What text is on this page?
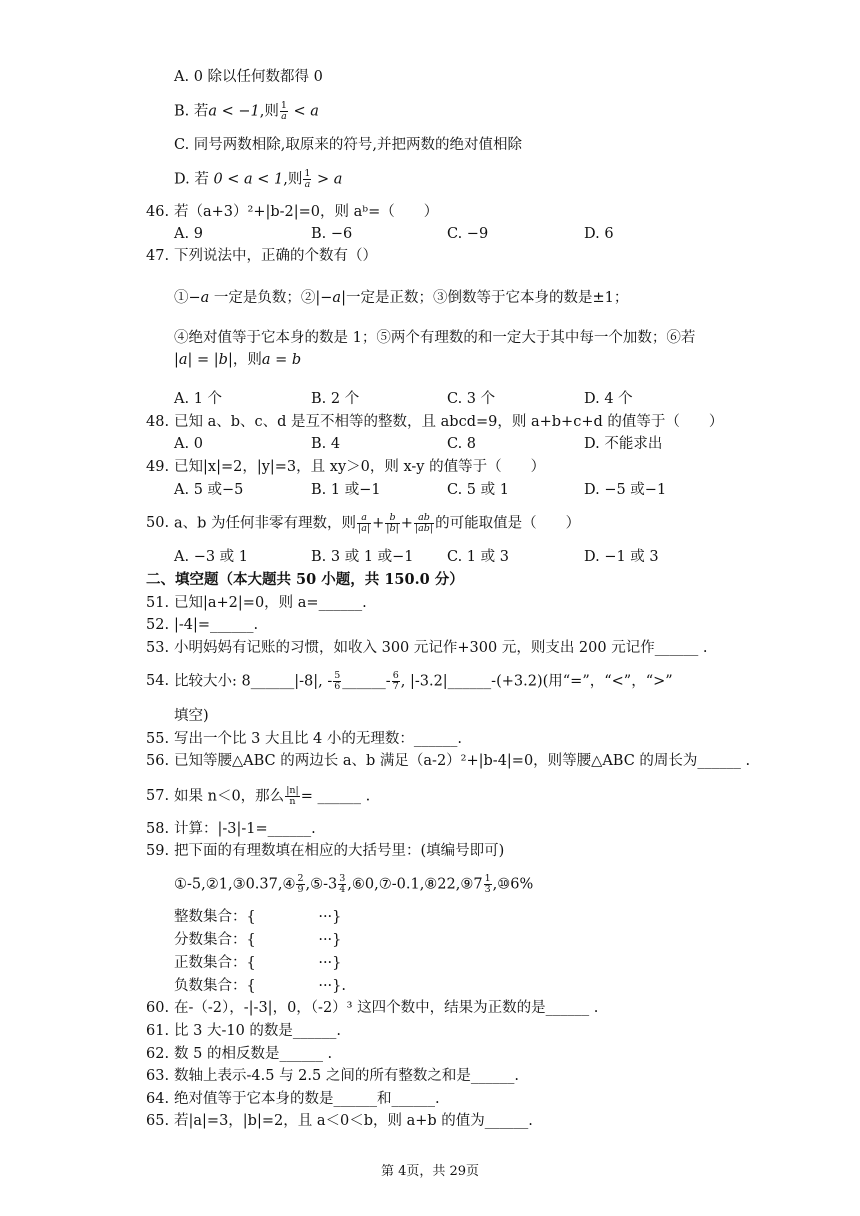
A. 0 除以任何数都得 0
B. 若𝑎 < −1,则 $\frac{1}{\text{𝑎}}$ < 𝑎
C. 同号两数相除,取原来的符号,并把两数的绝对值相除
D. 若 0 < 𝑎 < 1,则 $\frac{1}{\text{𝑎}}$ > 𝑎
46. 若（a+3）²+|b-2|=0，则 aᵇ=（　　）
A. 9	B. −6	C. −9	D. 6
47. 下列说法中，正确的个数有（）
①−𝑎 一定是负数；②|−𝑎|一定是正数；③倒数等于它本身的数是±1；
④绝对值等于它本身的数是 1；⑤两个有理数的和一定大于其中每一个加数；⑥若
|𝑎| = |𝑏|，则𝑎 = 𝑏
A. 1 个	B. 2 个	C. 3 个	D. 4 个
48. 已知 a、b、c、d 是互不相等的整数，且 abcd=9，则 a+b+c+d 的值等于（　　）
A. 0	B. 4	C. 8	D. 不能求出
49. 已知|x|=2，|y|=3，且 xy＞0，则 x-y 的值等于（　　）
A. 5 或−5	B. 1 或−1	C. 5 或 1	D. −5 或−1
50. a、b 为任何非零有理数，则 $\frac{\text{𝑎}}{\text{|𝑎|}} + \frac{\text{𝑏}}{\text{|𝑏|}} + \frac{\text{𝑎𝑏}}{\text{|𝑎𝑏|}}$ 的可能取值是（　　）
A. −3 或 1	B. 3 或 1 或−1 C. 1 或 3	D. −1 或 3
二、填空题（本大题共 50 小题，共 150.0 分）
51. 已知|a+2|=0，则 a=______.
52. |-4|=______.
53. 小明妈妈有记账的习惯，如收入 300 元记作+300 元，则支出 200 元记作______ .
54. 比较大小: 8______|-8|, - $\frac{5}{6}$ ______- $\frac{6}{7}$ , |-3.2|______-(+3.2)(用“=”，“<”，“>”
填空)
55. 写出一个比 3 大且比 4 小的无理数：______.
56. 已知等腰△ABC 的两边长 a、b 满足（a-2）²+|b-4|=0，则等腰△ABC 的周长为______ .
57. 如果 n＜0，那么 $\frac{|n|}{n}$ = ______ .
58. 计算：|-3|-1=______.
59. 把下面的有理数填在相应的大括号里：(填编号即可)
①-5,②1,③0.37,④ $\frac{2}{9}$ ,⑤-3 $\frac{3}{4}$ ,⑥0,⑦-0.1,⑧22,⑨7 $\frac{1}{3}$ ,⑩6%
整数集合：{　　　　 ···}
分数集合：{　　　　 ···}
正数集合：{　　　　 ···}
负数集合：{　　　　 ···}.
60. 在-（-2），-|-3|，0，（-2）³ 这四个数中，结果为正数的是______ .
61. 比 3 大-10 的数是______.
62. 数 5 的相反数是______ .
63. 数轴上表示-4.5 与 2.5 之间的所有整数之和是______.
64. 绝对值等于它本身的数是______和______.
65. 若|a|=3，|b|=2，且 a＜0＜b，则 a+b 的值为______.
第 4页，共 29页
